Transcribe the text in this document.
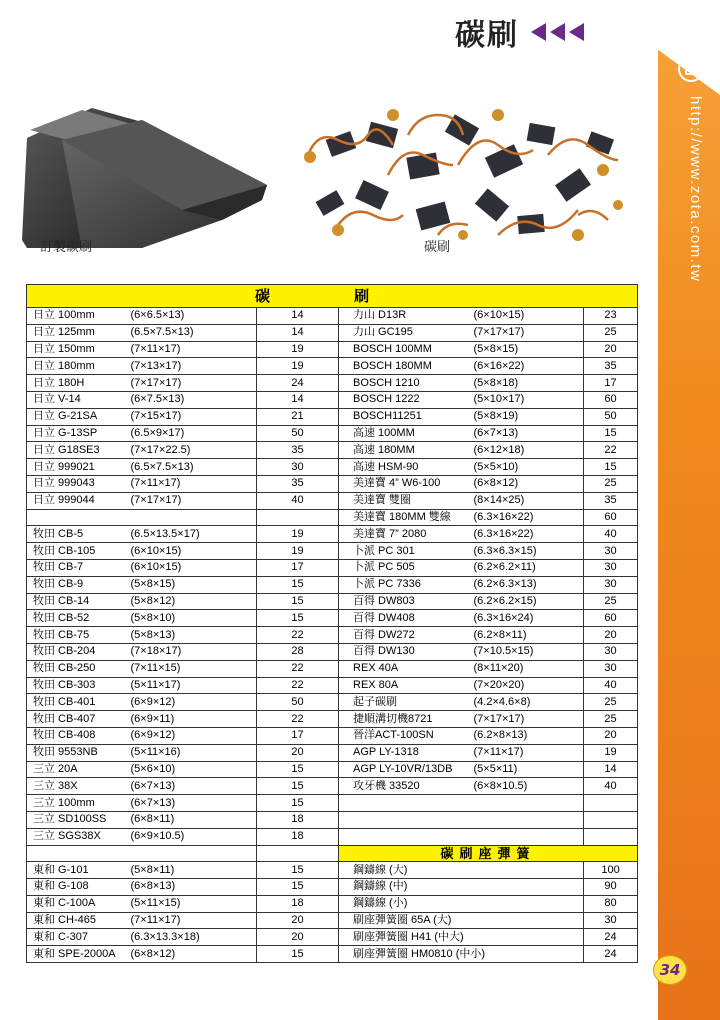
碳刷
http://www.zota.com.tw
訂製碳刷	碳刷
碳 刷					
日立 100mm	(6×6.5×13)	14	力山 D13R	(6×10×15)	23
日立 125mm	(6.5×7.5×13)	14	力山 GC195	(7×17×17)	25
日立 150mm	(7×11×17)	19	BOSCH 100MM	(5×8×15)	20
日立 180mm	(7×13×17)	19	BOSCH 180MM	(6×16×22)	35
日立 180H	(7×17×17)	24	BOSCH 1210	(5×8×18)	17
日立 V-14	(6×7.5×13)	14	BOSCH 1222	(5×10×17)	60
日立 G-21SA	(7×15×17)	21	BOSCH11251	(5×8×19)	50
日立 G-13SP	(6.5×9×17)	50	高速 100MM	(6×7×13)	15
日立 G18SE3	(7×17×22.5)	35	高速 180MM	(6×12×18)	22
日立 999021	(6.5×7.5×13)	30	高速 HSM-90	(5×5×10)	15
日立 999043	(7×11×17)	35	美達寶 4” W6-100	(6×8×12)	25
日立 999044	(7×17×17)	40	美達寶 雙圈	(8×14×25)	35
			美達寶 180MM 雙線	(6.3×16×22)	60
牧田 CB-5	(6.5×13.5×17)	19	美達寶 7” 2080	(6.3×16×22)	40
牧田 CB-105	(6×10×15)	19	卜派 PC 301	(6.3×6.3×15)	30
牧田 CB-7	(6×10×15)	17	卜派 PC 505	(6.2×6.2×11)	30
牧田 CB-9	(5×8×15)	15	卜派 PC 7336	(6.2×6.3×13)	30
牧田 CB-14	(5×8×12)	15	百得 DW803	(6.2×6.2×15)	25
牧田 CB-52	(5×8×10)	15	百得 DW408	(6.3×16×24)	60
牧田 CB-75	(5×8×13)	22	百得 DW272	(6.2×8×11)	20
牧田 CB-204	(7×18×17)	28	百得 DW130	(7×10.5×15)	30
牧田 CB-250	(7×11×15)	22	REX 40A	(8×11×20)	30
牧田 CB-303	(5×11×17)	22	REX 80A	(7×20×20)	40
牧田 CB-401	(6×9×12)	50	起子碳刷	(4.2×4.6×8)	25
牧田 CB-407	(6×9×11)	22	捷順溝切機8721	(7×17×17)	25
牧田 CB-408	(6×9×12)	17	晉洋ACT-100SN	(6.2×8×13)	20
牧田 9553NB	(5×11×16)	20	AGP LY-1318	(7×11×17)	19
三立 20A	(5×6×10)	15	AGP LY-10VR/13DB	(5×5×11)	14
三立 38X	(6×7×13)	15	攻牙機 33520	(6×8×10.5)	40
三立 100mm	(6×7×13)	15			
三立 SD100SS	(6×8×11)	18			
三立 SGS38X	(6×9×10.5)	18			
			碳刷座彈簧		
東和 G-101	(5×8×11)	15	鋼鑄線 (大)		100
東和 G-108	(6×8×13)	15	鋼鑄線 (中)		90
東和 C-100A	(5×11×15)	18	鋼鑄線 (小)		80
東和 CH-465	(7×11×17)	20	刷座彈簧圈 65A (大)		30
東和 C-307	(6.3×13.3×18)	20	刷座彈簧圈 H41 (中大)		24
東和 SPE-2000A	(6×8×12)	15	刷座彈簧圈 HM0810 (中小)		24
34
